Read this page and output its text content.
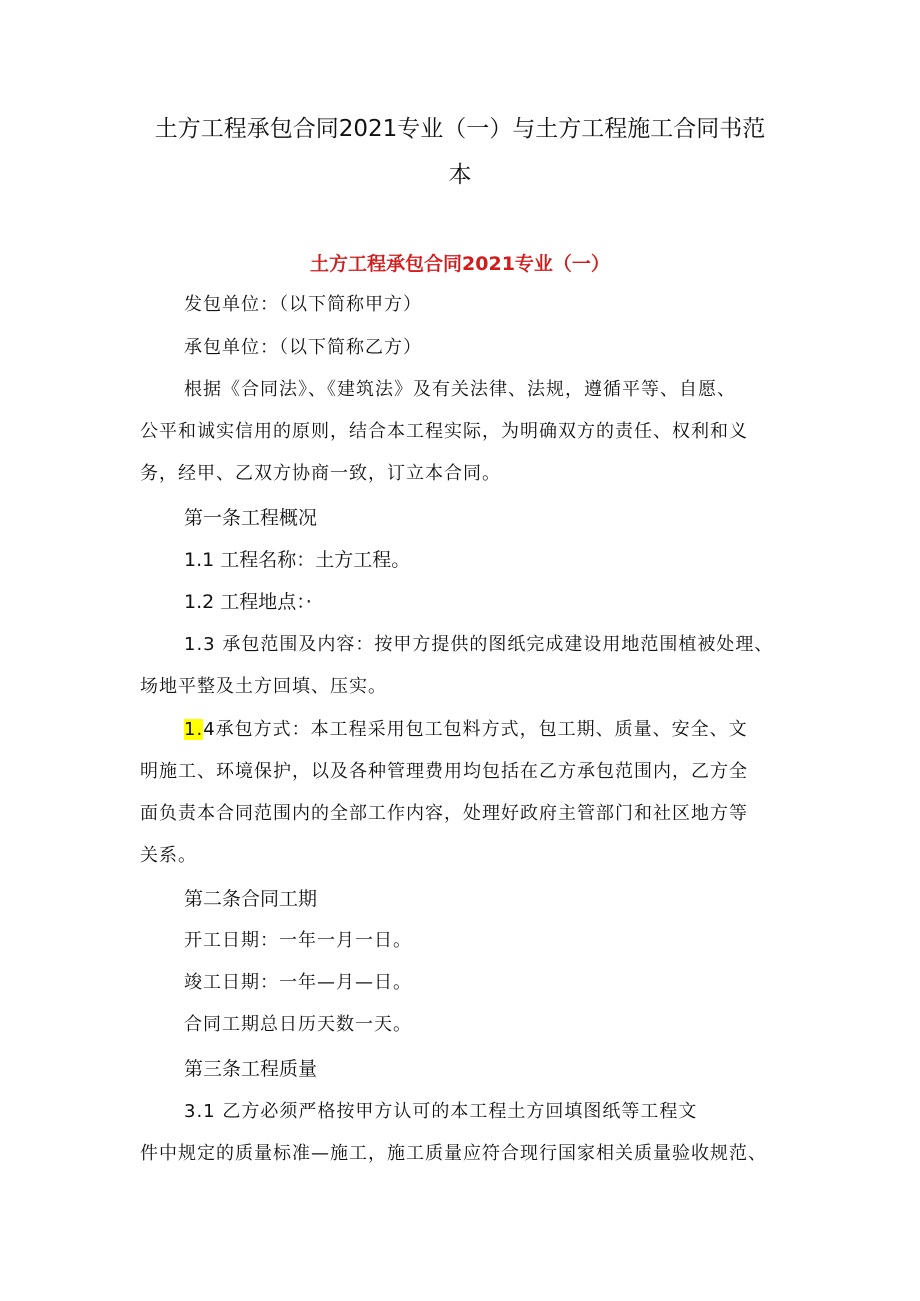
土方工程承包合同2021专业（一）与土方工程施工合同书范
本
土方工程承包合同2021专业（一）
发包单位：（以下简称甲方）
承包单位：（以下简称乙方）
根据《合同法》、《建筑法》及有关法律、法规，遵循平等、自愿、
公平和诚实信用的原则，结合本工程实际，为明确双方的责任、权利和义
务，经甲、乙双方协商一致，订立本合同。
第一条工程概况
1.1 工程名称：土方工程。
1.2 工程地点：·
1.3 承包范围及内容：按甲方提供的图纸完成建设用地范围植被处理、
场地平整及土方回填、压实。
1.4承包方式：本工程采用包工包料方式，包工期、质量、安全、文
明施工、环境保护，以及各种管理费用均包括在乙方承包范围内，乙方全
面负责本合同范围内的全部工作内容，处理好政府主管部门和社区地方等
关系。
第二条合同工期
开工日期：一年一月一日。
竣工日期：一年—月—日。
合同工期总日历天数一天。
第三条工程质量
3.1 乙方必须严格按甲方认可的本工程土方回填图纸等工程文
件中规定的质量标准—施工，施工质量应符合现行国家相关质量验收规范、
